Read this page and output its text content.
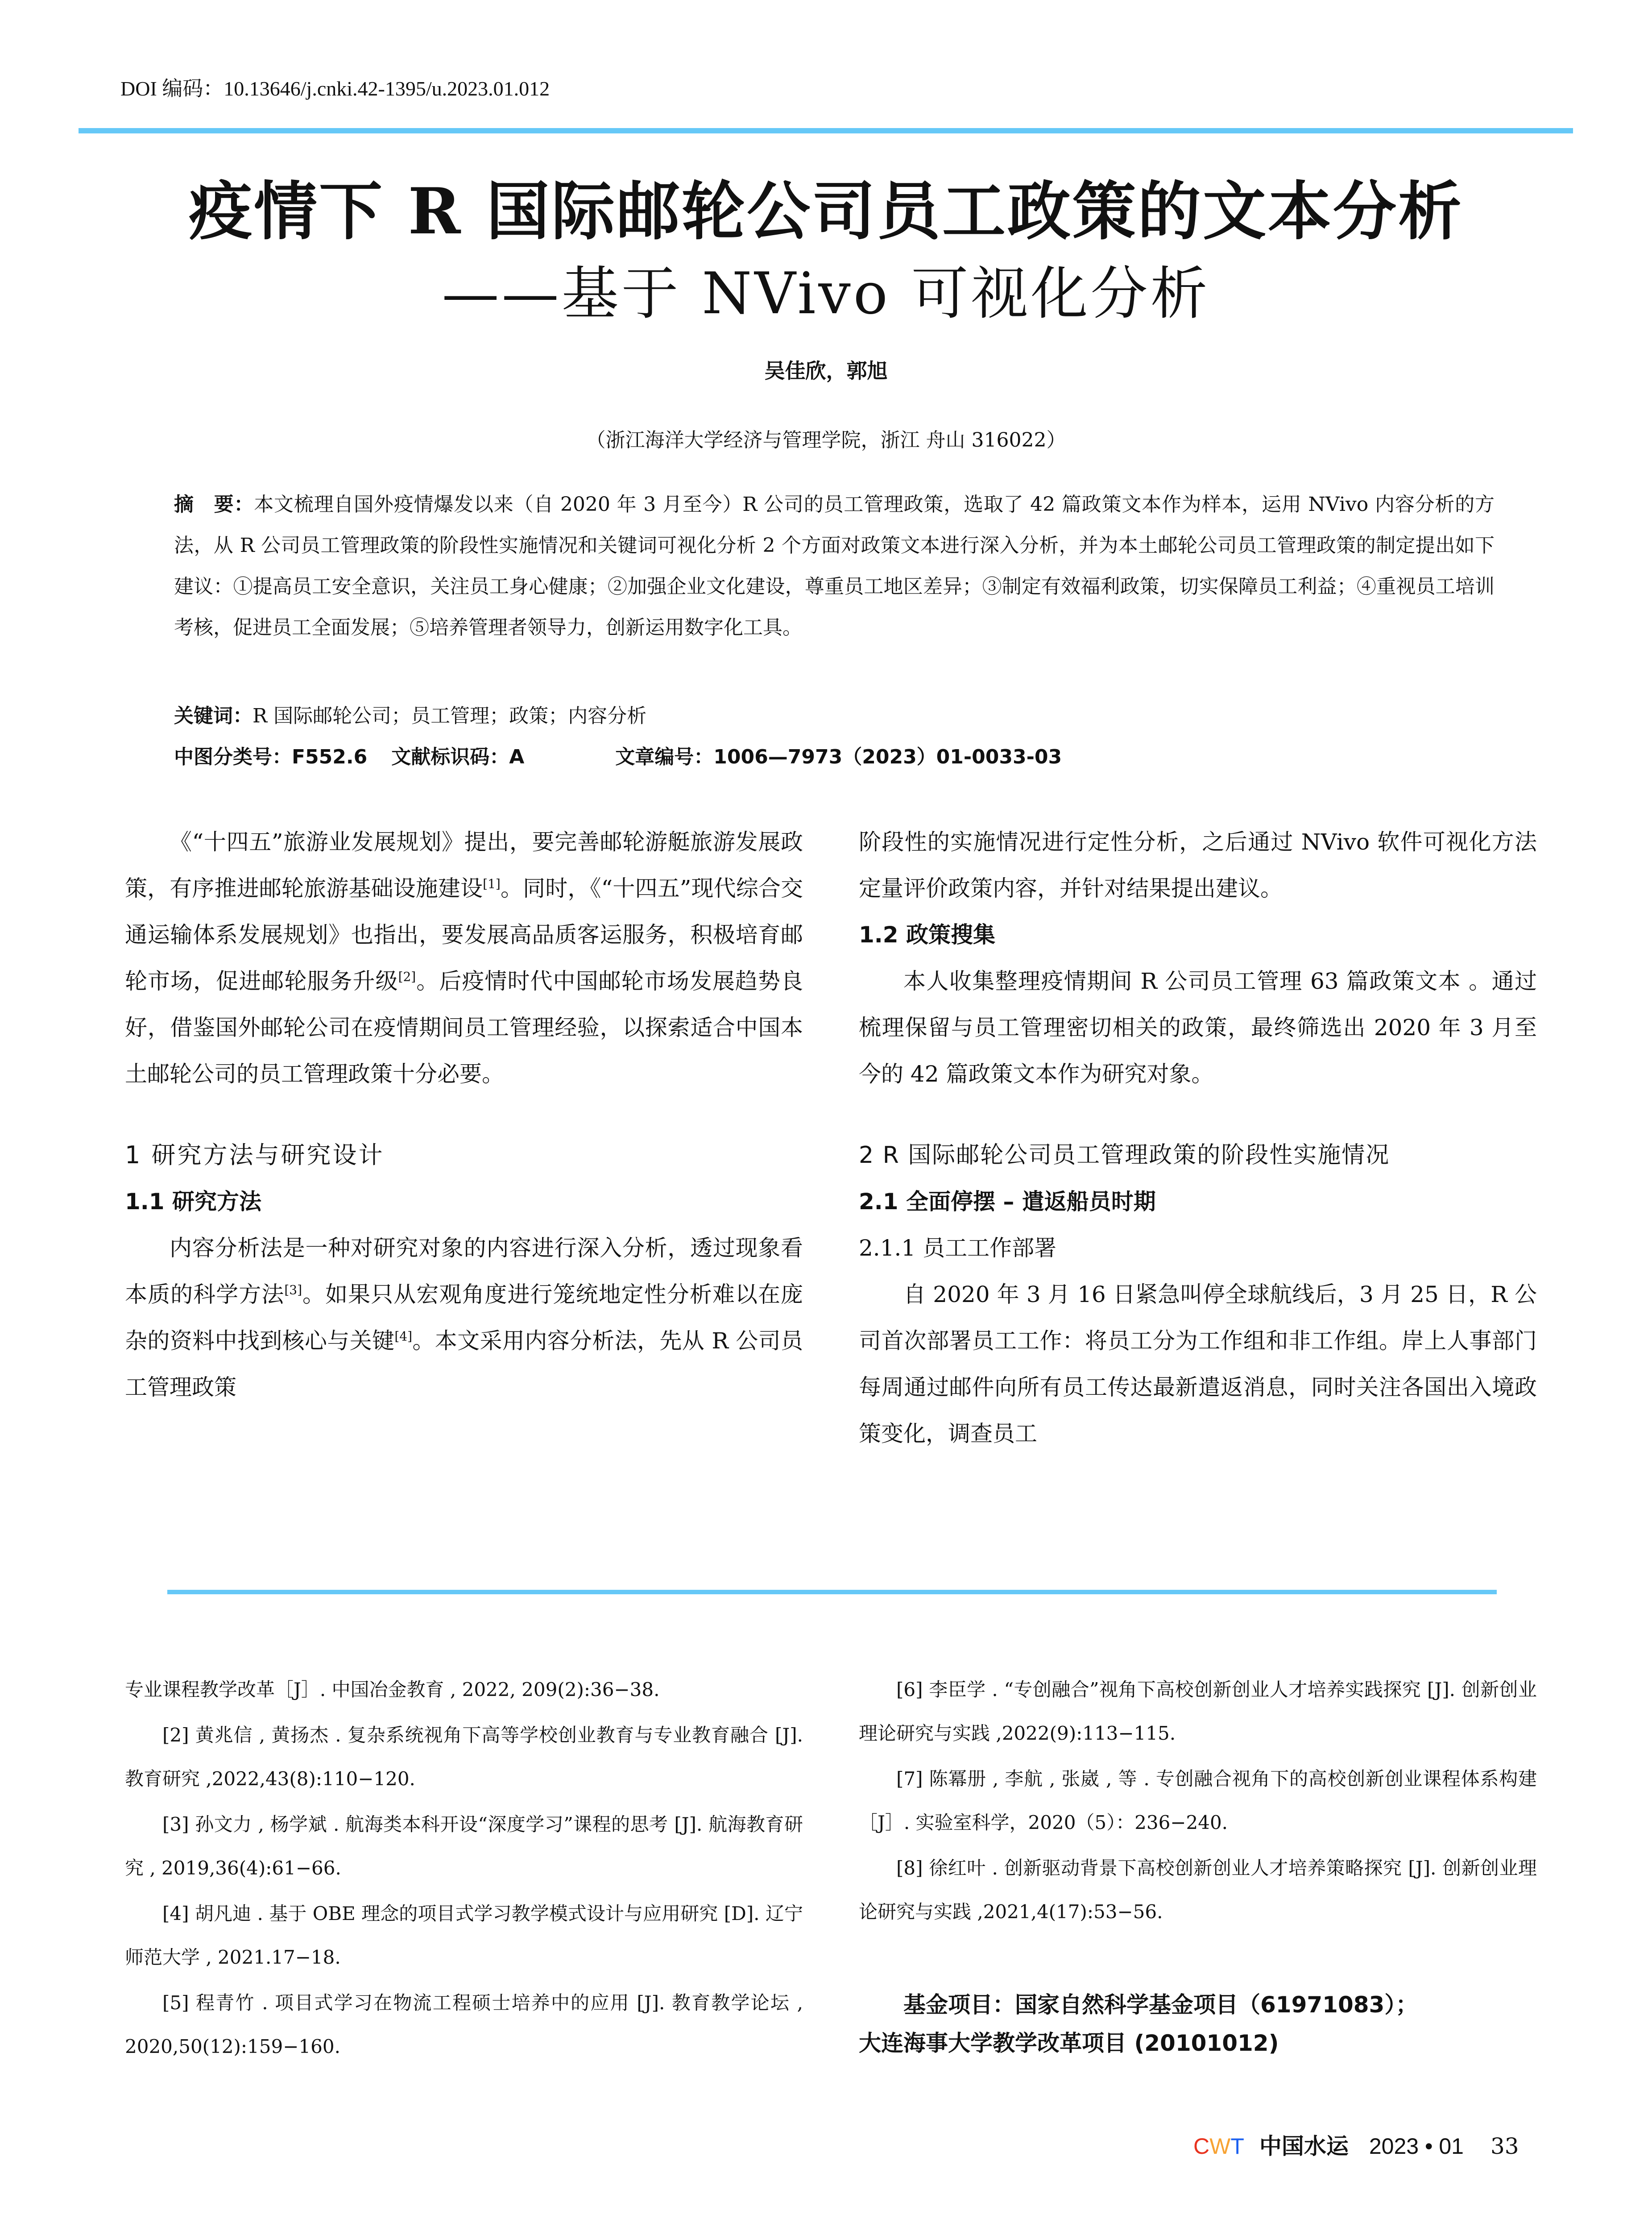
DOI 编码：10.13646/j.cnki.42-1395/u.2023.01.012
疫情下 R 国际邮轮公司员工政策的文本分析
——基于 NVivo 可视化分析
吴佳欣，郭旭
（浙江海洋大学经济与管理学院，浙江 舟山 316022）
摘　要：本文梳理自国外疫情爆发以来（自 2020 年 3 月至今）R 公司的员工管理政策，选取了 42 篇政策文本作为样本，运用 NVivo 内容分析的方法，从 R 公司员工管理政策的阶段性实施情况和关键词可视化分析 2 个方面对政策文本进行深入分析，并为本土邮轮公司员工管理政策的制定提出如下建议：①提高员工安全意识，关注员工身心健康；②加强企业文化建设，尊重员工地区差异；③制定有效福利政策，切实保障员工利益；④重视员工培训考核，促进员工全面发展；⑤培养管理者领导力，创新运用数字化工具。
关键词：R 国际邮轮公司；员工管理；政策；内容分析
中图分类号：F552.6 文献标识码：A	文章编号：1006—7973（2023）01-0033-03

《“十四五”旅游业发展规划》提出，要完善邮轮游艇旅游发展政策，有序推进邮轮旅游基础设施建设[1]。同时，《“十四五”现代综合交通运输体系发展规划》也指出，要发展高品质客运服务，积极培育邮轮市场，促进邮轮服务升级[2]。后疫情时代中国邮轮市场发展趋势良好，借鉴国外邮轮公司在疫情期间员工管理经验，以探索适合中国本土邮轮公司的员工管理政策十分必要。

1 研究方法与研究设计

1.1 研究方法

内容分析法是一种对研究对象的内容进行深入分析，透过现象看本质的科学方法[3]。如果只从宏观角度进行笼统地定性分析难以在庞杂的资料中找到核心与关键[4]。本文采用内容分析法，先从 R 公司员工管理政策

阶段性的实施情况进行定性分析，之后通过 NVivo 软件可视化方法定量评价政策内容，并针对结果提出建议。

1.2 政策搜集

本人收集整理疫情期间 R 公司员工管理 63 篇政策文本 。通过梳理保留与员工管理密切相关的政策，最终筛选出 2020 年 3 月至今的 42 篇政策文本作为研究对象。

2 R 国际邮轮公司员工管理政策的阶段性实施情况

2.1 全面停摆 – 遣返船员时期

2.1.1 员工工作部署

自 2020 年 3 月 16 日紧急叫停全球航线后，3 月 25 日，R 公司首次部署员工工作：将员工分为工作组和非工作组。岸上人事部门每周通过邮件向所有员工传达最新遣返消息，同时关注各国出入境政策变化，调查员工

专业课程教学改革［J］. 中国冶金教育 , 2022, 209(2):36−38.

[2] 黄兆信 , 黄扬杰 . 复杂系统视角下高等学校创业教育与专业教育融合 [J]. 教育研究 ,2022,43(8):110−120.

[3] 孙文力 , 杨学斌 . 航海类本科开设“深度学习”课程的思考 [J]. 航海教育研究 , 2019,36(4):61−66.

[4] 胡凡迪 . 基于 OBE 理念的项目式学习教学模式设计与应用研究 [D]. 辽宁师范大学 , 2021.17−18.

[5] 程青竹 . 项目式学习在物流工程硕士培养中的应用 [J]. 教育教学论坛 , 2020,50(12):159−160.

[6] 李臣学 . “专创融合”视角下高校创新创业人才培养实践探究 [J]. 创新创业理论研究与实践 ,2022(9):113−115.

[7] 陈冪册 , 李航 , 张崴 , 等 . 专创融合视角下的高校创新创业课程体系构建［J］. 实验室科学，2020（5）：236−240.

[8] 徐红叶 . 创新驱动背景下高校创新创业人才培养策略探究 [J]. 创新创业理论研究与实践 ,2021,4(17):53−56.

基金项目：国家自然科学基金项目（61971083）；

大连海事大学教学改革项目 (20101012)

CWT 中国水运 2023 • 01 33
